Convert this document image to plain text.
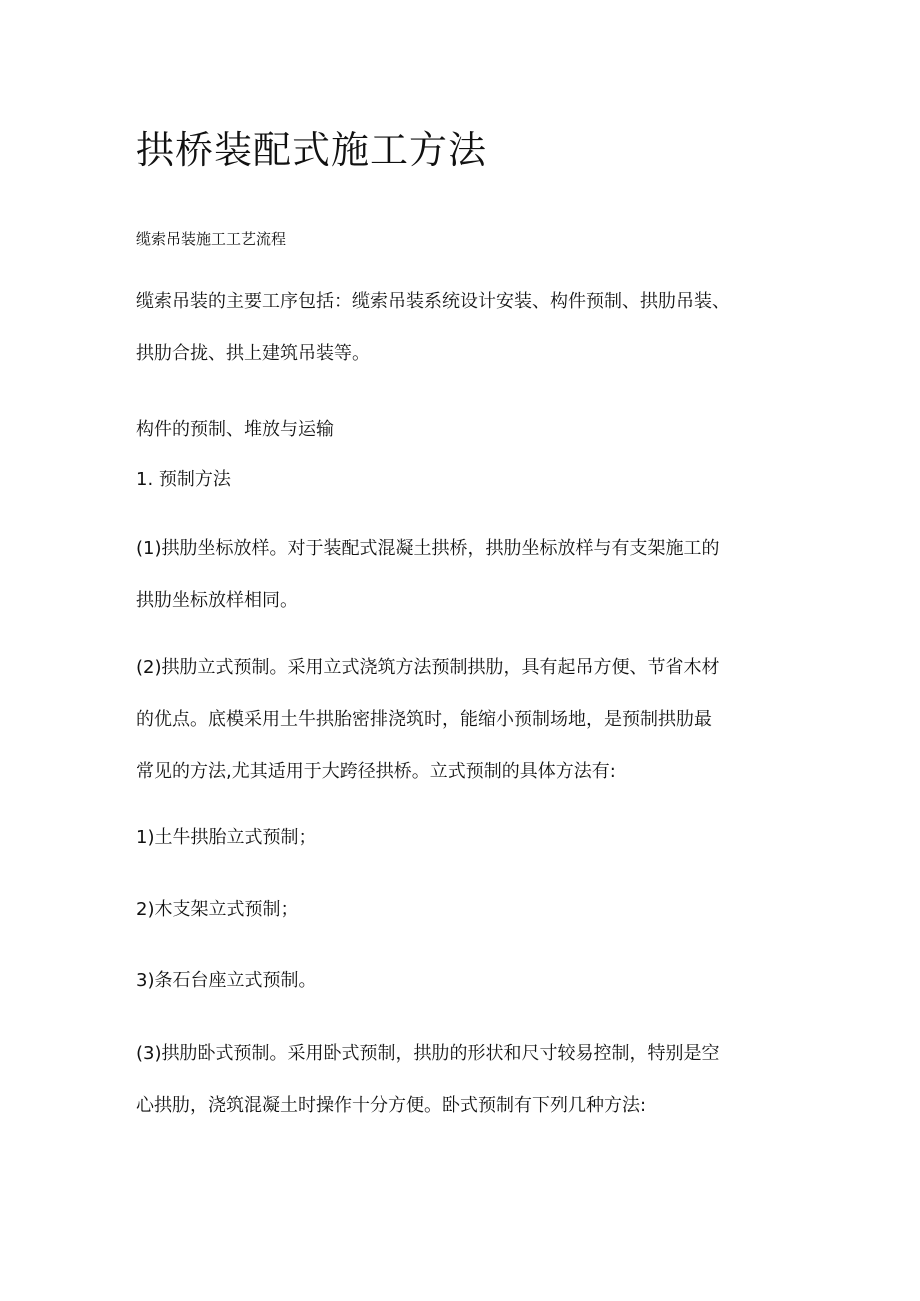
拱桥装配式施工方法

缆索吊装施工工艺流程

缆索吊装的主要工序包括：缆索吊装系统设计安装、构件预制、拱肋吊装、
拱肋合拢、拱上建筑吊装等。
构件的预制、堆放与运输
1. 预制方法
(1)拱肋坐标放样。对于装配式混凝土拱桥，拱肋坐标放样与有支架施工的
拱肋坐标放样相同。
(2)拱肋立式预制。采用立式浇筑方法预制拱肋，具有起吊方便、节省木材
的优点。底模采用土牛拱胎密排浇筑时，能缩小预制场地，是预制拱肋最
常见的方法,尤其适用于大跨径拱桥。立式预制的具体方法有:
1)土牛拱胎立式预制；
2)木支架立式预制；
3)条石台座立式预制。
(3)拱肋卧式预制。采用卧式预制，拱肋的形状和尺寸较易控制，特别是空
心拱肋，浇筑混凝土时操作十分方便。卧式预制有下列几种方法:
